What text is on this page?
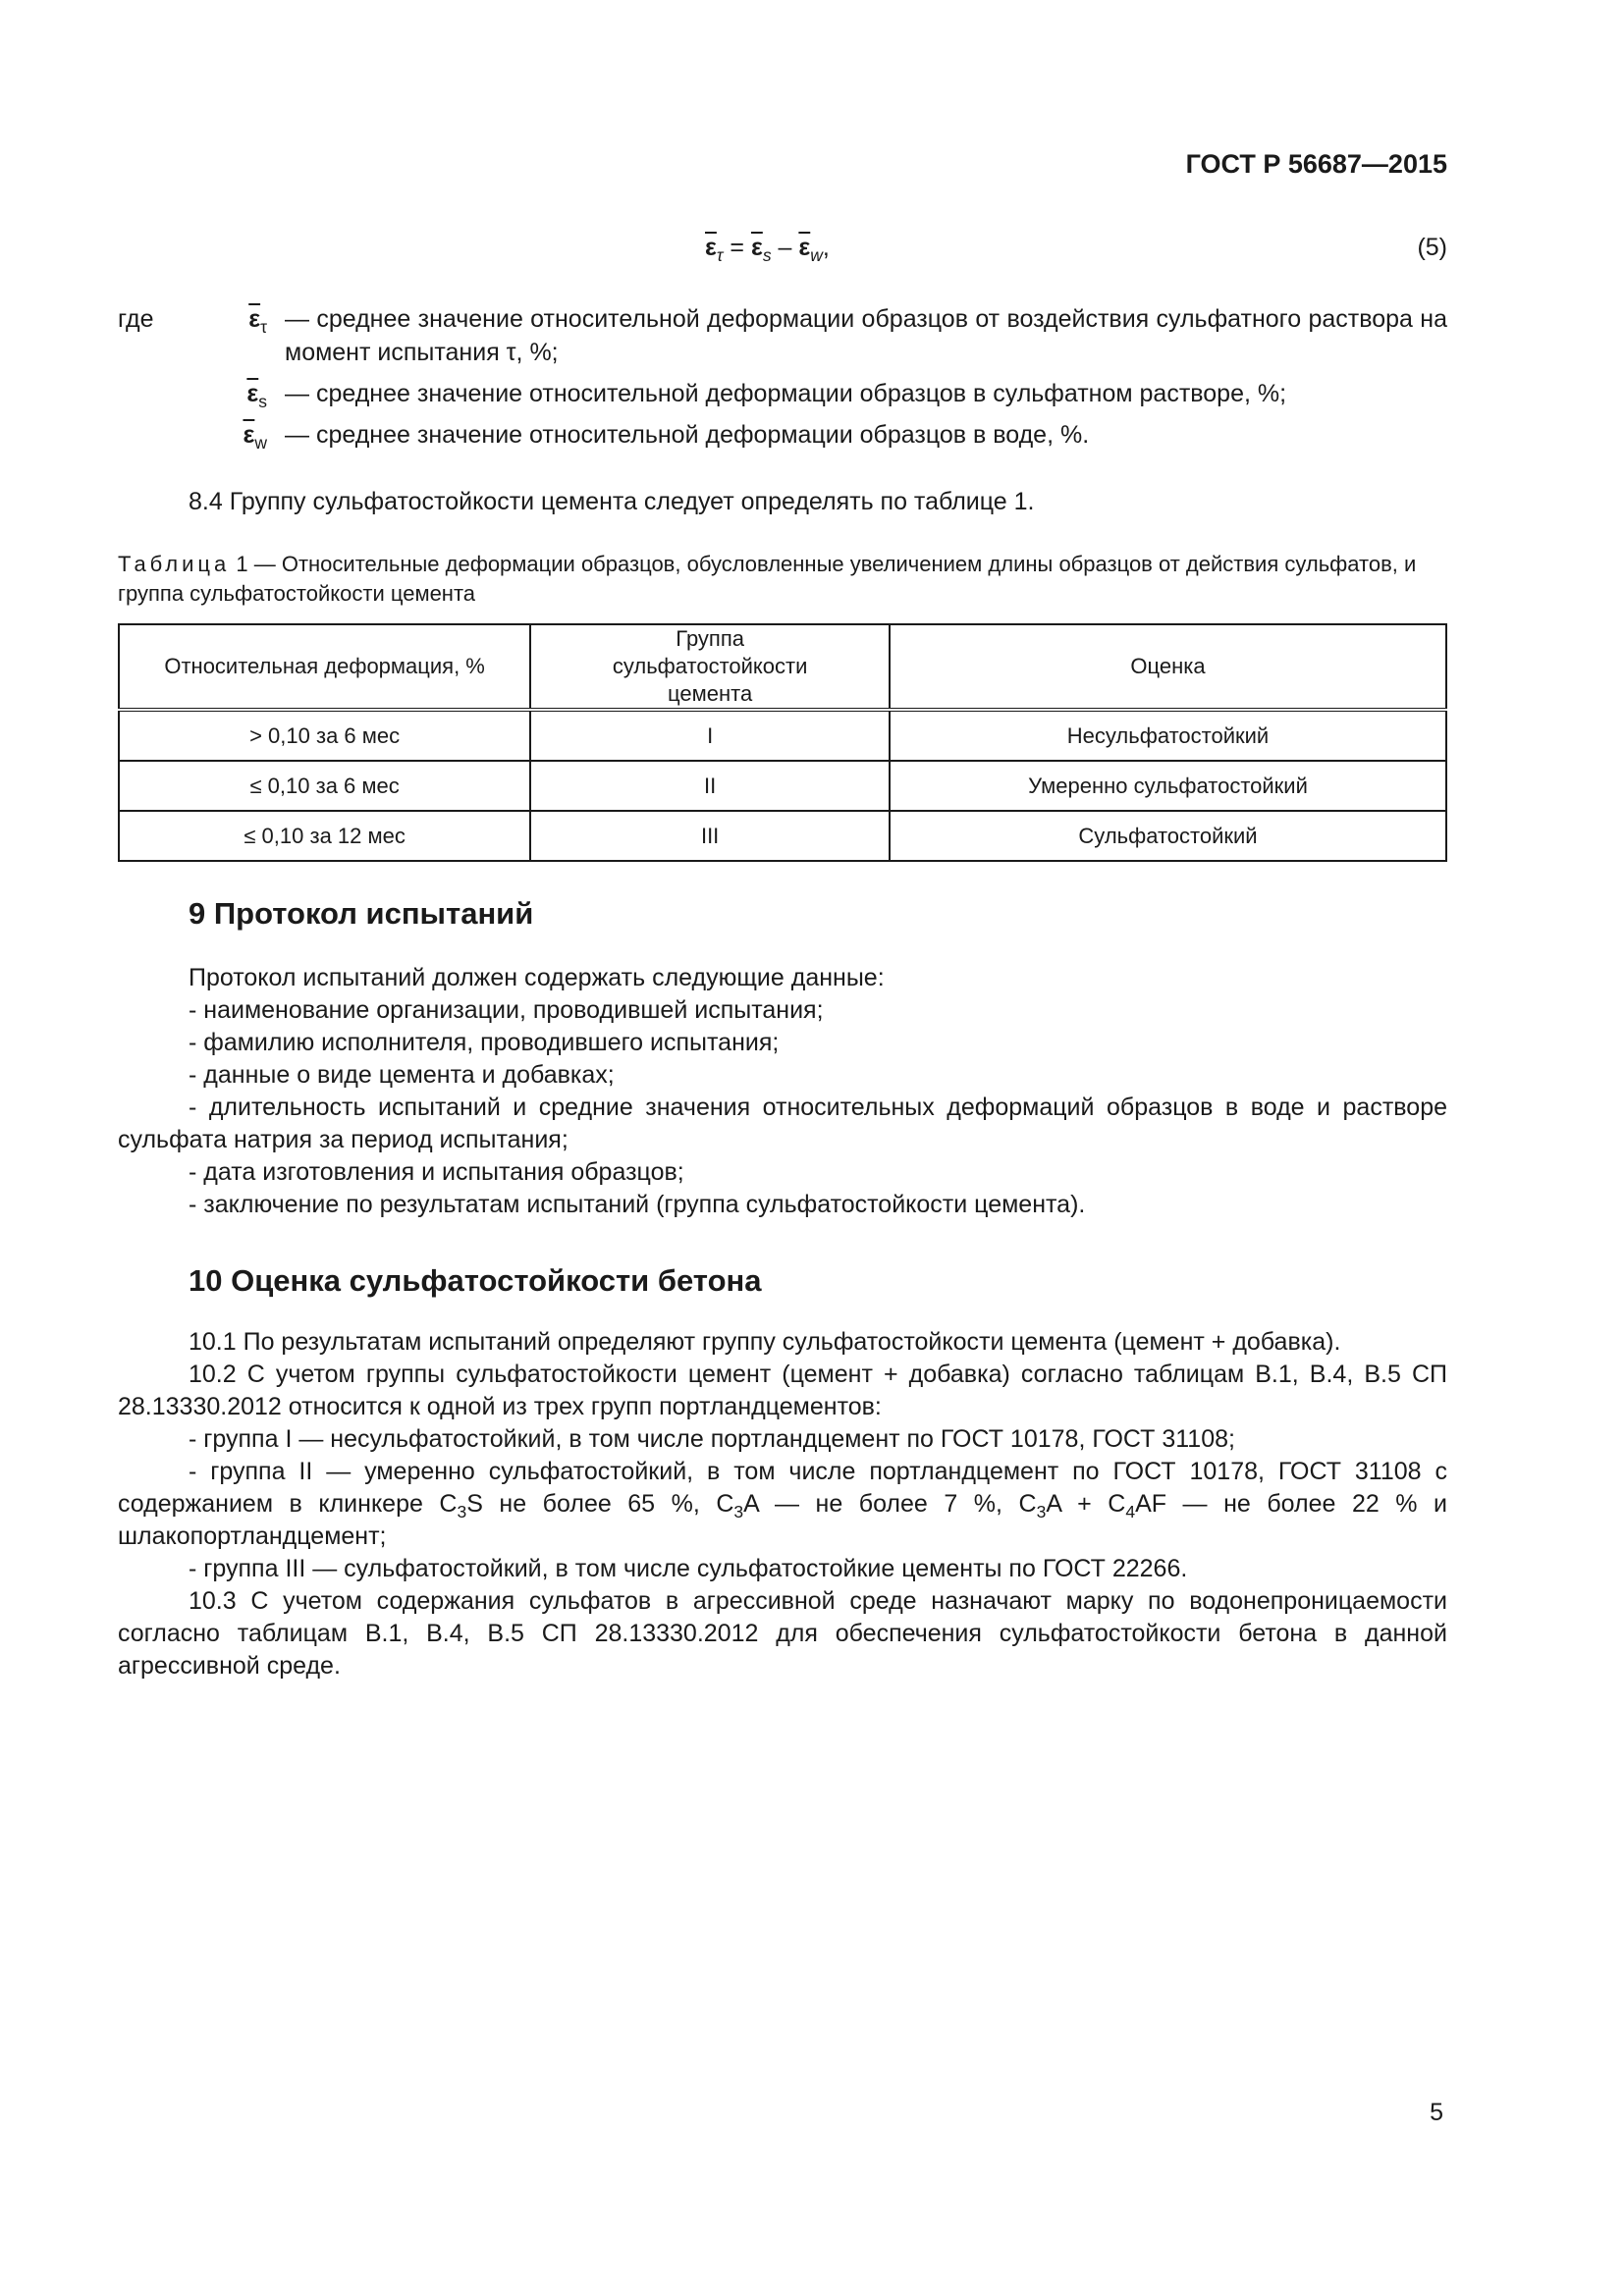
ГОСТ Р 56687—2015
$\overline{\varepsilon}_\tau = \overline{\varepsilon}_s - \overline{\varepsilon}_w$,	(5)
где	$\overline{\varepsilon}_\tau$ — среднее значение относительной деформации образцов от воздействия сульфатного раствора на момент испытания τ, %;
$\overline{\varepsilon}_s$ — среднее значение относительной деформации образцов в сульфатном растворе, %;
$\overline{\varepsilon}_w$ — среднее значение относительной деформации образцов в воде, %.
8.4 Группу сульфатостойкости цемента следует определять по таблице 1.
Таблица 1 — Относительные деформации образцов, обусловленные увеличением длины образцов от действия сульфатов, и группа сульфатостойкости цемента
Относительная деформация, %	Группа сульфатостойкости цемента	Оценка
> 0,10 за 6 мес	I	Несульфатостойкий
≤ 0,10 за 6 мес	II	Умеренно сульфатостойкий
≤ 0,10 за 12 мес	III	Сульфатостойкий
9 Протокол испытаний

Протокол испытаний должен содержать следующие данные:

- наименование организации, проводившей испытания;

- фамилию исполнителя, проводившего испытания;

- данные о виде цемента и добавках;

- длительность испытаний и средние значения относительных деформаций образцов в воде и растворе сульфата натрия за период испытания;

- дата изготовления и испытания образцов;

- заключение по результатам испытаний (группа сульфатостойкости цемента).

10 Оценка сульфатостойкости бетона

10.1 По результатам испытаний определяют группу сульфатостойкости цемента (цемент + добавка).

10.2 С учетом группы сульфатостойкости цемент (цемент + добавка) согласно таблицам В.1, В.4, В.5 СП 28.13330.2012 относится к одной из трех групп портландцементов:

- группа I — несульфатостойкий, в том числе портландцемент по ГОСТ 10178, ГОСТ 31108;

- группа II — умеренно сульфатостойкий, в том числе портландцемент по ГОСТ 10178, ГОСТ 31108 с содержанием в клинкере $C_3S$ не более 65 %, $C_3A$ — не более 7 %, $C_3A + C_4AF$ — не более 22 % и шлакопортландцемент;

- группа III — сульфатостойкий, в том числе сульфатостойкие цементы по ГОСТ 22266.

10.3 С учетом содержания сульфатов в агрессивной среде назначают марку по водонепроницаемости согласно таблицам В.1, В.4, В.5 СП 28.13330.2012 для обеспечения сульфатостойкости бетона в данной агрессивной среде.

5
